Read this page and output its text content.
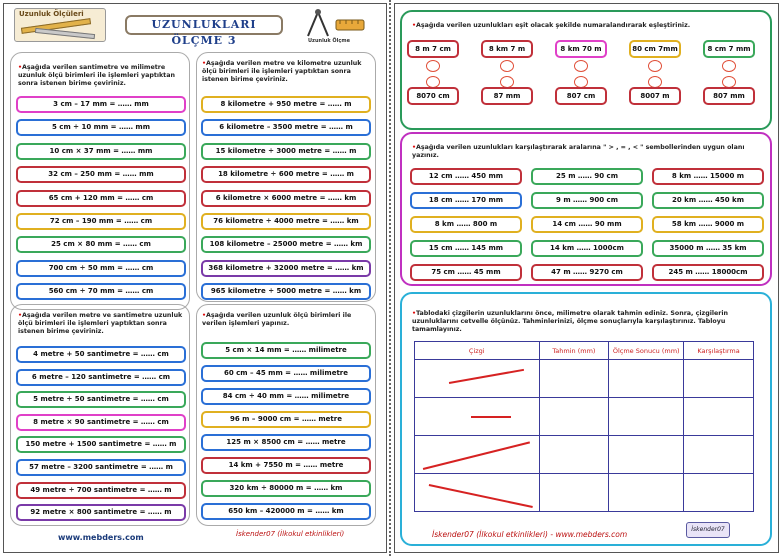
Uzunluk Ölçüleri
UZUNLUKLARI ÖLÇME 3	Uzunluk Ölçme
•Aşağıda verilen santimetre ve milimetre uzunluk ölçü birimleri ile işlemleri yaptıktan sonra istenen birime çeviriniz.
•Aşağıda verilen metre ve kilometre uzunluk ölçü birimleri ile işlemleri yaptıktan sonra istenen birime çeviriniz.
•Aşağıda verilen metre ve santimetre uzunluk ölçü birimleri ile işlemleri yaptıktan sonra istenen birime çeviriniz.
•Aşağıda verilen uzunluk ölçü birimleri ile verilen işlemleri yapınız.
3 cm – 17 mm = …… mm
5 cm ÷ 10 mm = …… mm
10 cm × 37 mm = …… mm
32 cm – 250 mm = …… mm
65 cm + 120 mm = …… cm
72 cm – 190 mm = …… cm
25 cm × 80 mm = …… cm
700 cm ÷ 50 mm = …… cm
560 cm ÷ 70 mm = …… cm
8 kilometre + 950 metre = …… m
6 kilometre – 3500 metre = …… m
15 kilometre ÷ 3000 metre = …… m
18 kilometre ÷ 600 metre = …… m
6 kilometre × 6000 metre = …… km
76 kilometre ÷ 4000 metre = …… km
108 kilometre – 25000 metre = …… km
368 kilometre + 32000 metre = …… km
965 kilometre ÷ 5000 metre = …… km
4 metre + 50 santimetre = …… cm
6 metre – 120 santimetre = …… cm
5 metre ÷ 50 santimetre = …… cm
8 metre × 90 santimetre = …… cm
150 metre + 1500 santimetre = …… m
57 metre – 3200 santimetre = …… m
49 metre ÷ 700 santimetre = …… m
92 metre × 800 santimetre = …… m
5 cm × 14 mm = …… milimetre
60 cm – 45 mm = …… milimetre
84 cm ÷ 40 mm = …… milimetre
96 m – 9000 cm = …… metre
125 m × 8500 cm = …… metre
14 km + 7550 m = …… metre
320 km ÷ 80000 m = …… km
650 km – 420000 m = …… km
www.mebders.com	İskender07 (İlkokul etkinlikleri)
•Aşağıda verilen uzunlukları eşit olacak şekilde numaralandırarak eşleştiriniz.
8 m 7 cm
8070 cm
8 km 7 m
87 mm
8 km 70 m
807 cm
80 cm 7mm
8007 m
8 cm 7 mm
807 mm
•Aşağıda verilen uzunlukları karşılaştırarak aralarına " > , = , < " sembollerinden uygun olanı yazınız.
12 cm …… 450 mm	25 m …… 90 cm	8 km …… 15000 m
18 cm …… 170 mm	9 m …… 900 cm	20 km …… 450 km
8 km …… 800 m	14 cm …… 90 mm	58 km …… 9000 m
15 cm …… 145 mm	14 km …… 1000cm	35000 m …… 35 km
75 cm …… 45 mm	47 m …… 9270 cm	245 m …… 18000cm
•Tablodaki çizgilerin uzunluklarını önce, milimetre olarak tahmin ediniz. Sonra, çizgilerin uzunluklarını cetvelle ölçünüz. Tahminlerinizi, ölçme sonuçlarıyla karşılaştırınız. Tabloyu tamamlayınız.
Çizgi	Tahmin (mm)	Ölçme Sonucu (mm)	Karşılaştırma

İskender07 (İlkokul etkinlikleri) - www.mebders.com
İskender07
